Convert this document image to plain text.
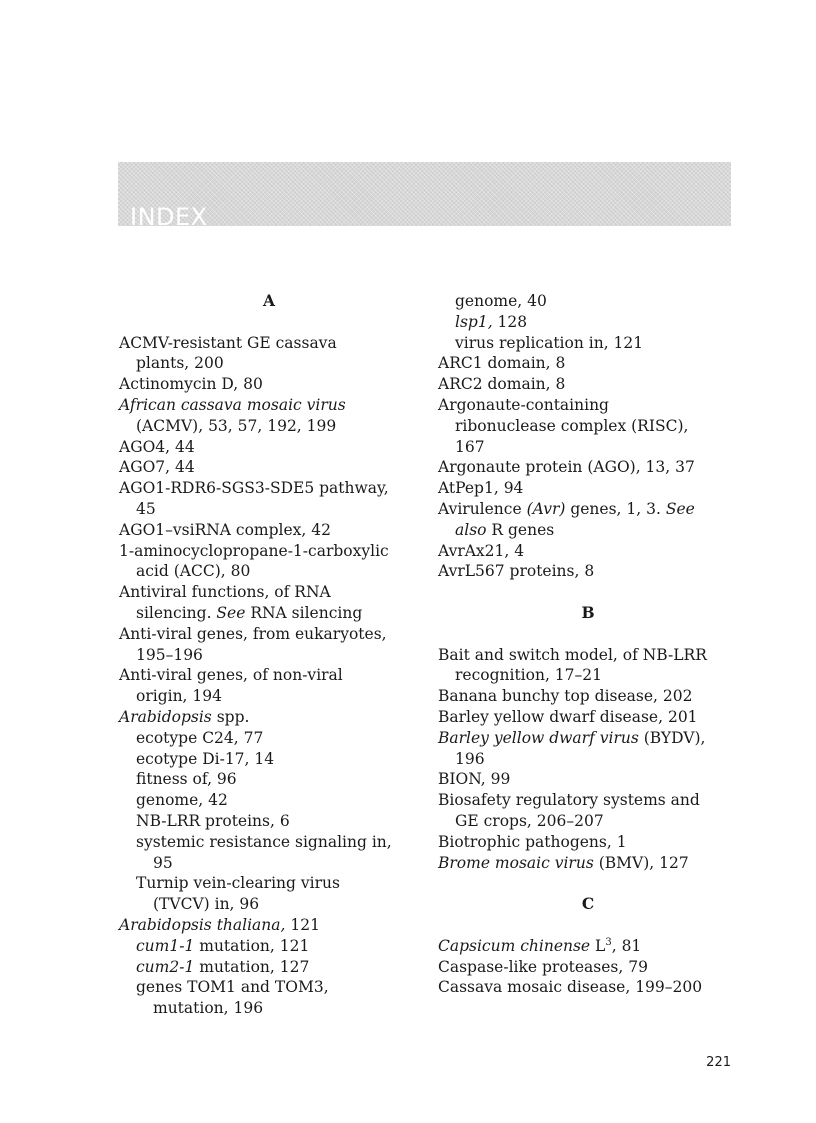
INDEX

A

ACMV-resistant GE cassava
plants, 200

Actinomycin D, 80

African cassava mosaic virus
(ACMV), 53, 57, 192, 199

AGO4, 44

AGO7, 44

AGO1-RDR6-SGS3-SDE5 pathway,
45

AGO1–vsiRNA complex, 42

1-aminocyclopropane-1-carboxylic
acid (ACC), 80

Antiviral functions, of RNA
silencing. See RNA silencing

Anti-viral genes, from eukaryotes,
195–196

Anti-viral genes, of non-viral
origin, 194

Arabidopsis spp.

ecotype C24, 77

ecotype Di-17, 14

fitness of, 96

genome, 42

NB-LRR proteins, 6

systemic resistance signaling in,
95

Turnip vein-clearing virus
(TVCV) in, 96

Arabidopsis thaliana, 121

cum1-1 mutation, 121

cum2-1 mutation, 127

genes TOM1 and TOM3,
mutation, 196

genome, 40

lsp1, 128

virus replication in, 121

ARC1 domain, 8

ARC2 domain, 8

Argonaute-containing
ribonuclease complex (RISC),
167

Argonaute protein (AGO), 13, 37

AtPep1, 94

Avirulence (Avr) genes, 1, 3. See
also R genes

AvrAx21, 4

AvrL567 proteins, 8

B

Bait and switch model, of NB-LRR
recognition, 17–21

Banana bunchy top disease, 202

Barley yellow dwarf disease, 201

Barley yellow dwarf virus (BYDV),
196

BION, 99

Biosafety regulatory systems and
GE crops, 206–207

Biotrophic pathogens, 1

Brome mosaic virus (BMV), 127

C

Capsicum chinense $L^3$, 81

Caspase-like proteases, 79

Cassava mosaic disease, 199–200

221
